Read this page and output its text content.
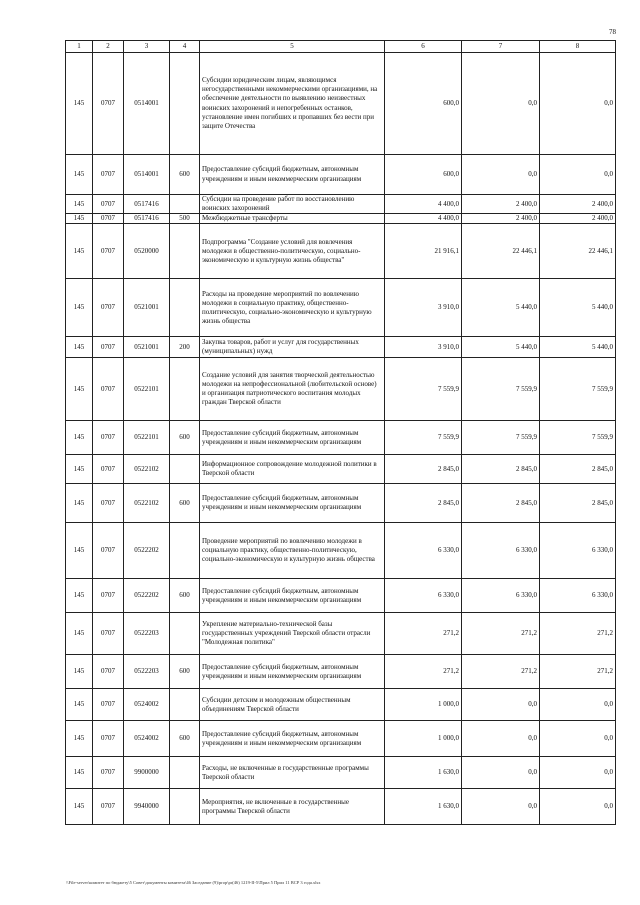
78
1	2	3	4	5	6	7	8
145	0707	0514001		Субсидии юридическим лицам, являющимся негосударственными некоммерческими организациями, на обеспечение деятельности по выявлению неизвестных воинских захоронений и непогребенных останков, установление имен погибших и пропавших без вести при защите Отечества	600,0	0,0	0,0
145	0707	0514001	600	Предоставление субсидий бюджетным, автономным учреждениям и иным некоммерческим организациям	600,0	0,0	0,0
145	0707	0517416		Субсидии на проведение работ по восстановлению воинских захоронений	4 400,0	2 400,0	2 400,0
145	0707	0517416	500	Межбюджетные трансферты	4 400,0	2 400,0	2 400,0
145	0707	0520000		Подпрограмма "Создание условий для вовлечения молодежи в общественно-политическую, социально-экономическую и культурную жизнь общества"	21 916,1	22 446,1	22 446,1
145	0707	0521001		Расходы на проведение мероприятий по вовлечению молодежи в социальную практику, общественно-политическую, социально-экономическую и культурную жизнь общества	3 910,0	5 440,0	5 440,0
145	0707	0521001	200	Закупка товаров, работ и услуг для государственных (муниципальных) нужд	3 910,0	5 440,0	5 440,0
145	0707	0522101		Создание условий для занятия творческой деятельностью молодежи на непрофессиональной (любительской основе) и организация патриотического воспитания молодых граждан Тверской области	7 559,9	7 559,9	7 559,9
145	0707	0522101	600	Предоставление субсидий бюджетным, автономным учреждениям и иным некоммерческим организациям	7 559,9	7 559,9	7 559,9
145	0707	0522102		Информационное сопровождение молодежной политики в Тверской области	2 845,0	2 845,0	2 845,0
145	0707	0522102	600	Предоставление субсидий бюджетным, автономным учреждениям и иным некоммерческим организациям	2 845,0	2 845,0	2 845,0
145	0707	0522202		Проведение мероприятий по вовлечению молодежи в социальную практику, общественно-политическую, социально-экономическую и культурную жизнь общества	6 330,0	6 330,0	6 330,0
145	0707	0522202	600	Предоставление субсидий бюджетным, автономным учреждениям и иным некоммерческим организациям	6 330,0	6 330,0	6 330,0
145	0707	0522203		Укрепление материально-технической базы государственных учреждений Тверской области отрасли "Молодежная политика"	271,2	271,2	271,2
145	0707	0522203	600	Предоставление субсидий бюджетным, автономным учреждениям и иным некоммерческим организациям	271,2	271,2	271,2
145	0707	0524002		Субсидии детским и молодежным общественным объединениям Тверской области	1 000,0	0,0	0,0
145	0707	0524002	600	Предоставление субсидий бюджетным, автономным учреждениям и иным некоммерческим организациям	1 000,0	0,0	0,0
145	0707	9900000		Расходы, не включенные в государственные программы Тверской области	1 630,0	0,0	0,0
145	0707	9940000		Мероприятия, не включенные в государственные программы Тверской области	1 630,0	0,0	0,0
\\File-server\комитет по бюджету\5 Совет\документы комитета\46 Заседание (9)\prop\pr(46) 1219-II-5\Прил 5 Прил 11 ВСР 3 года.xlsx
